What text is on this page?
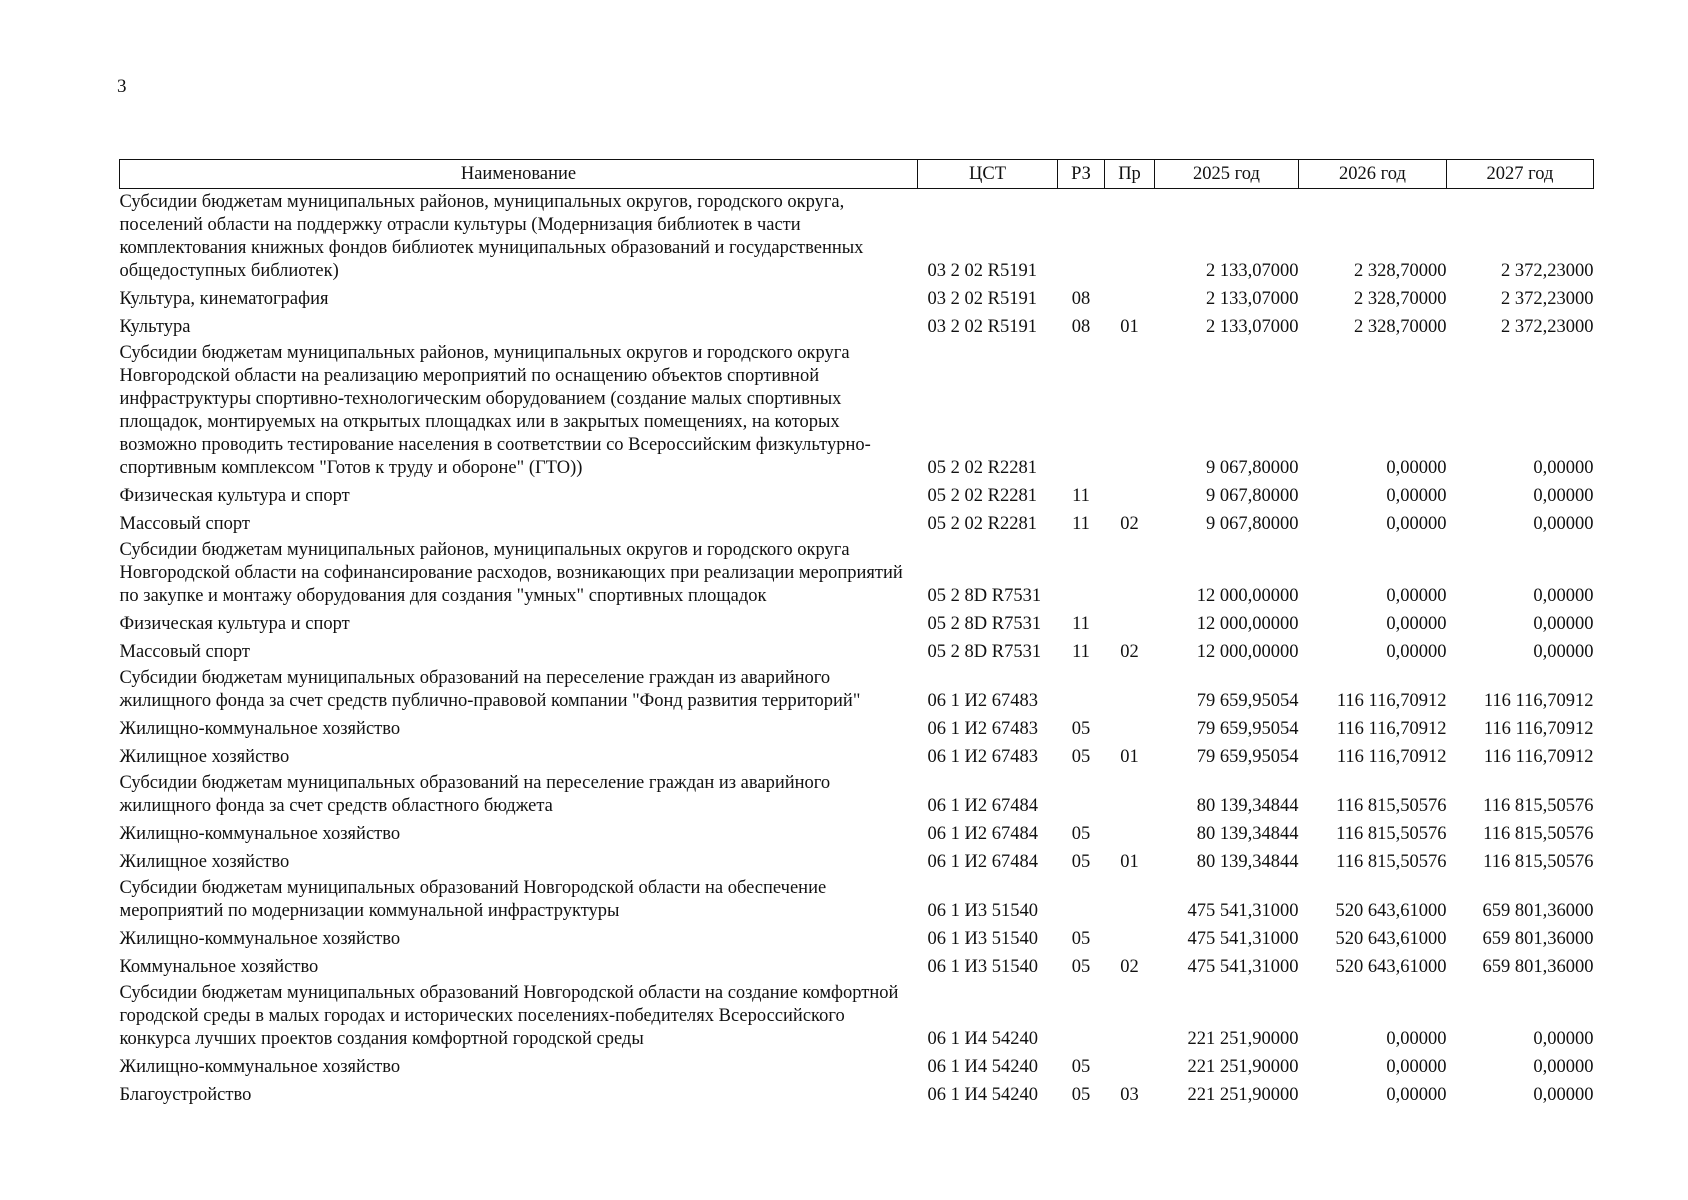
3
Наименование	ЦСТ	РЗ	Пр	2025 год	2026 год	2027 год
Субсидии бюджетам муниципальных районов, муниципальных округов, городского округа, поселений области на поддержку отрасли культуры (Модернизация библиотек в части комплектования книжных фондов библиотек муниципальных образований и государственных общедоступных библиотек)	03 2 02 R5191			2 133,07000	2 328,70000	2 372,23000
Культура, кинематография	03 2 02 R5191	08		2 133,07000	2 328,70000	2 372,23000
Культура	03 2 02 R5191	08	01	2 133,07000	2 328,70000	2 372,23000
Субсидии бюджетам муниципальных районов, муниципальных округов и городского округа Новгородской области на реализацию мероприятий по оснащению объектов спортивной инфраструктуры спортивно-технологическим оборудованием (создание малых спортивных площадок, монтируемых на открытых площадках или в закрытых помещениях, на которых возможно проводить тестирование населения в соответствии со Всероссийским физкультурно-спортивным комплексом "Готов к труду и обороне" (ГТО))	05 2 02 R2281			9 067,80000	0,00000	0,00000
Физическая культура и спорт	05 2 02 R2281	11		9 067,80000	0,00000	0,00000
Массовый спорт	05 2 02 R2281	11	02	9 067,80000	0,00000	0,00000
Субсидии бюджетам муниципальных районов, муниципальных округов и городского округа Новгородской области на софинансирование расходов, возникающих при реализации мероприятий по закупке и монтажу оборудования для создания "умных" спортивных площадок	05 2 8D R7531			12 000,00000	0,00000	0,00000
Физическая культура и спорт	05 2 8D R7531	11		12 000,00000	0,00000	0,00000
Массовый спорт	05 2 8D R7531	11	02	12 000,00000	0,00000	0,00000
Субсидии бюджетам муниципальных образований на переселение граждан из аварийного жилищного фонда за счет средств публично-правовой компании "Фонд развития территорий"	06 1 И2 67483			79 659,95054	116 116,70912	116 116,70912
Жилищно-коммунальное хозяйство	06 1 И2 67483	05		79 659,95054	116 116,70912	116 116,70912
Жилищное хозяйство	06 1 И2 67483	05	01	79 659,95054	116 116,70912	116 116,70912
Субсидии бюджетам муниципальных образований на переселение граждан из аварийного жилищного фонда за счет средств областного бюджета	06 1 И2 67484			80 139,34844	116 815,50576	116 815,50576
Жилищно-коммунальное хозяйство	06 1 И2 67484	05		80 139,34844	116 815,50576	116 815,50576
Жилищное хозяйство	06 1 И2 67484	05	01	80 139,34844	116 815,50576	116 815,50576
Субсидии бюджетам муниципальных образований Новгородской области на обеспечение мероприятий по модернизации коммунальной инфраструктуры	06 1 И3 51540			475 541,31000	520 643,61000	659 801,36000
Жилищно-коммунальное хозяйство	06 1 И3 51540	05		475 541,31000	520 643,61000	659 801,36000
Коммунальное хозяйство	06 1 И3 51540	05	02	475 541,31000	520 643,61000	659 801,36000
Субсидии бюджетам муниципальных образований Новгородской области на создание комфортной городской среды в малых городах и исторических поселениях-победителях Всероссийского конкурса лучших проектов создания комфортной городской среды	06 1 И4 54240			221 251,90000	0,00000	0,00000
Жилищно-коммунальное хозяйство	06 1 И4 54240	05		221 251,90000	0,00000	0,00000
Благоустройство	06 1 И4 54240	05	03	221 251,90000	0,00000	0,00000
